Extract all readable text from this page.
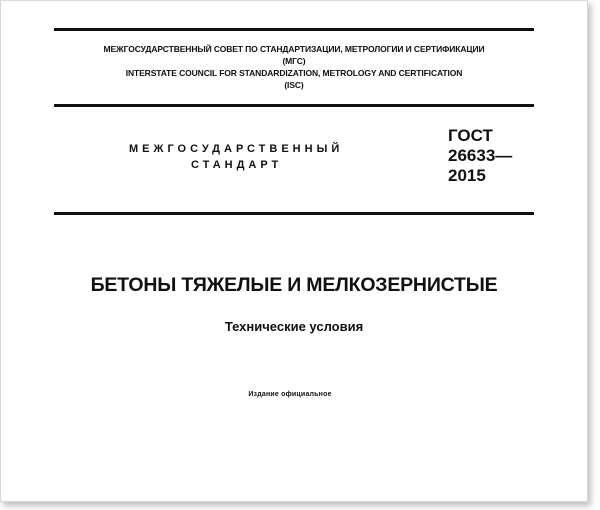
МЕЖГОСУДАРСТВЕННЫЙ СОВЕТ ПО СТАНДАРТИЗАЦИИ, МЕТРОЛОГИИ И СЕРТИФИКАЦИИ
(МГС)
INTERSTATE COUNCIL FOR STANDARDIZATION, METROLOGY AND CERTIFICATION
(ISC)
МЕЖГОСУДАРСТВЕННЫЙ
СТАНДАРТ
ГОСТ
26633—
2015
БЕТОНЫ ТЯЖЕЛЫЕ И МЕЛКОЗЕРНИСТЫЕ
Технические условия
Издание официальное
